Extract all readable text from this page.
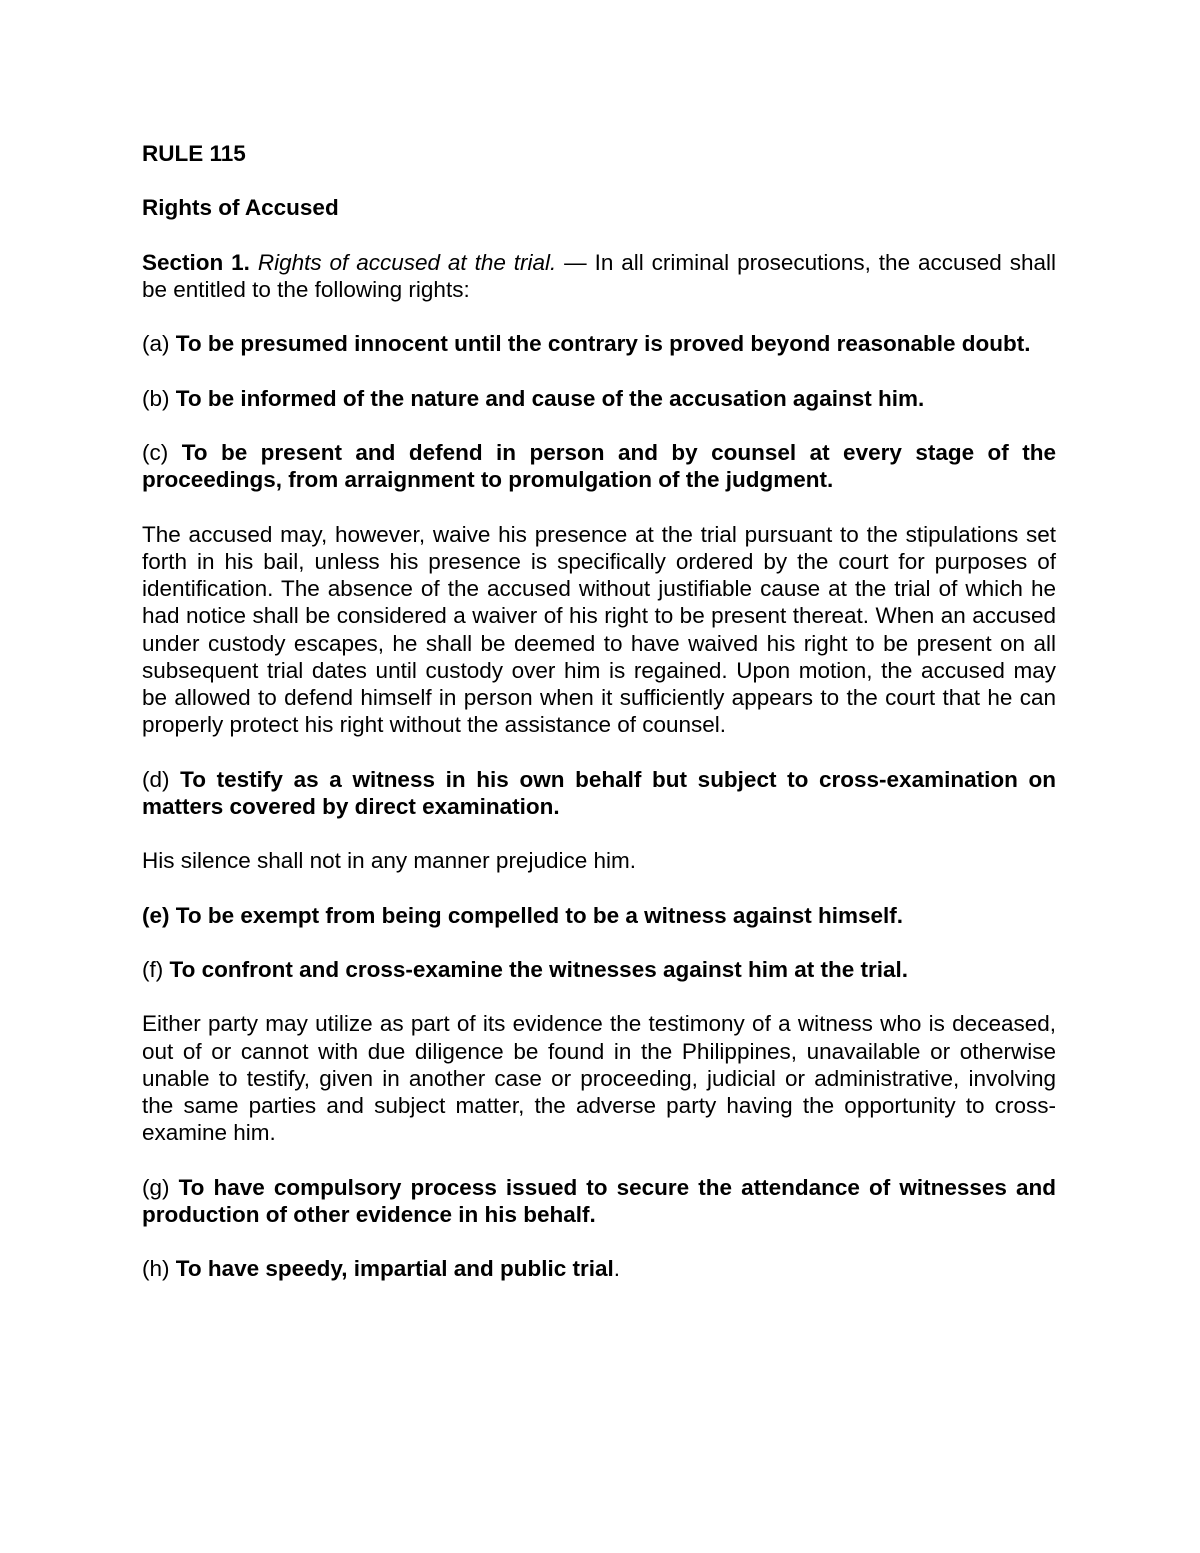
RULE 115

Rights of Accused

Section 1. Rights of accused at the trial. — In all criminal prosecutions, the accused shall be entitled to the following rights:

(a) To be presumed innocent until the contrary is proved beyond reasonable doubt.

(b) To be informed of the nature and cause of the accusation against him.

(c) To be present and defend in person and by counsel at every stage of the proceedings, from arraignment to promulgation of the judgment.

The accused may, however, waive his presence at the trial pursuant to the stipulations set forth in his bail, unless his presence is specifically ordered by the court for purposes of identification. The absence of the accused without justifiable cause at the trial of which he had notice shall be considered a waiver of his right to be present thereat. When an accused under custody escapes, he shall be deemed to have waived his right to be present on all subsequent trial dates until custody over him is regained. Upon motion, the accused may be allowed to defend himself in person when it sufficiently appears to the court that he can properly protect his right without the assistance of counsel.

(d) To testify as a witness in his own behalf but subject to cross-examination on matters covered by direct examination.

His silence shall not in any manner prejudice him.

(e) To be exempt from being compelled to be a witness against himself.

(f) To confront and cross-examine the witnesses against him at the trial.

Either party may utilize as part of its evidence the testimony of a witness who is deceased, out of or cannot with due diligence be found in the Philippines, unavailable or otherwise unable to testify, given in another case or proceeding, judicial or administrative, involving the same parties and subject matter, the adverse party having the opportunity to cross-examine him.

(g) To have compulsory process issued to secure the attendance of witnesses and production of other evidence in his behalf.

(h) To have speedy, impartial and public trial.
